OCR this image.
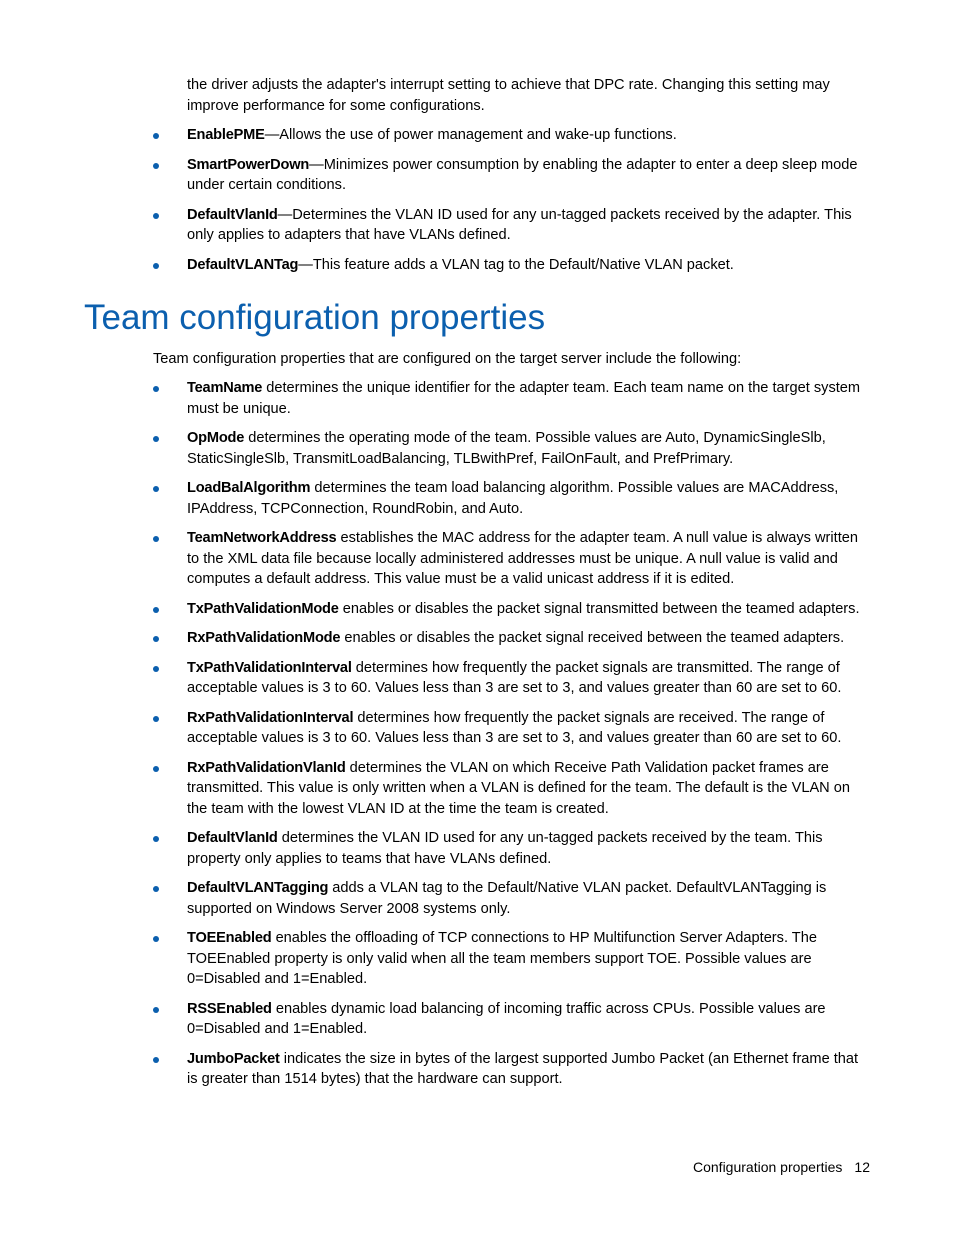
the driver adjusts the adapter's interrupt setting to achieve that DPC rate. Changing this setting may improve performance for some configurations.

EnablePME—Allows the use of power management and wake-up functions.
SmartPowerDown—Minimizes power consumption by enabling the adapter to enter a deep sleep mode under certain conditions.
DefaultVlanId—Determines the VLAN ID used for any un-tagged packets received by the adapter. This only applies to adapters that have VLANs defined.
DefaultVLANTag—This feature adds a VLAN tag to the Default/Native VLAN packet.
Team configuration properties

Team configuration properties that are configured on the target server include the following:

TeamName determines the unique identifier for the adapter team. Each team name on the target system must be unique.
OpMode determines the operating mode of the team. Possible values are Auto, DynamicSingleSlb, StaticSingleSlb, TransmitLoadBalancing, TLBwithPref, FailOnFault, and PrefPrimary.
LoadBalAlgorithm determines the team load balancing algorithm. Possible values are MACAddress, IPAddress, TCPConnection, RoundRobin, and Auto.
TeamNetworkAddress establishes the MAC address for the adapter team. A null value is always written to the XML data file because locally administered addresses must be unique. A null value is valid and computes a default address. This value must be a valid unicast address if it is edited.
TxPathValidationMode enables or disables the packet signal transmitted between the teamed adapters.
RxPathValidationMode enables or disables the packet signal received between the teamed adapters.
TxPathValidationInterval determines how frequently the packet signals are transmitted. The range of acceptable values is 3 to 60. Values less than 3 are set to 3, and values greater than 60 are set to 60.
RxPathValidationInterval determines how frequently the packet signals are received. The range of acceptable values is 3 to 60. Values less than 3 are set to 3, and values greater than 60 are set to 60.
RxPathValidationVlanId determines the VLAN on which Receive Path Validation packet frames are transmitted. This value is only written when a VLAN is defined for the team. The default is the VLAN on the team with the lowest VLAN ID at the time the team is created.
DefaultVlanId determines the VLAN ID used for any un-tagged packets received by the team. This property only applies to teams that have VLANs defined.
DefaultVLANTagging adds a VLAN tag to the Default/Native VLAN packet. DefaultVLANTagging is supported on Windows Server 2008 systems only.
TOEEnabled enables the offloading of TCP connections to HP Multifunction Server Adapters. The TOEEnabled property is only valid when all the team members support TOE. Possible values are 0=Disabled and 1=Enabled.
RSSEnabled enables dynamic load balancing of incoming traffic across CPUs. Possible values are 0=Disabled and 1=Enabled.
JumboPacket indicates the size in bytes of the largest supported Jumbo Packet (an Ethernet frame that is greater than 1514 bytes) that the hardware can support.
Configuration properties 12
